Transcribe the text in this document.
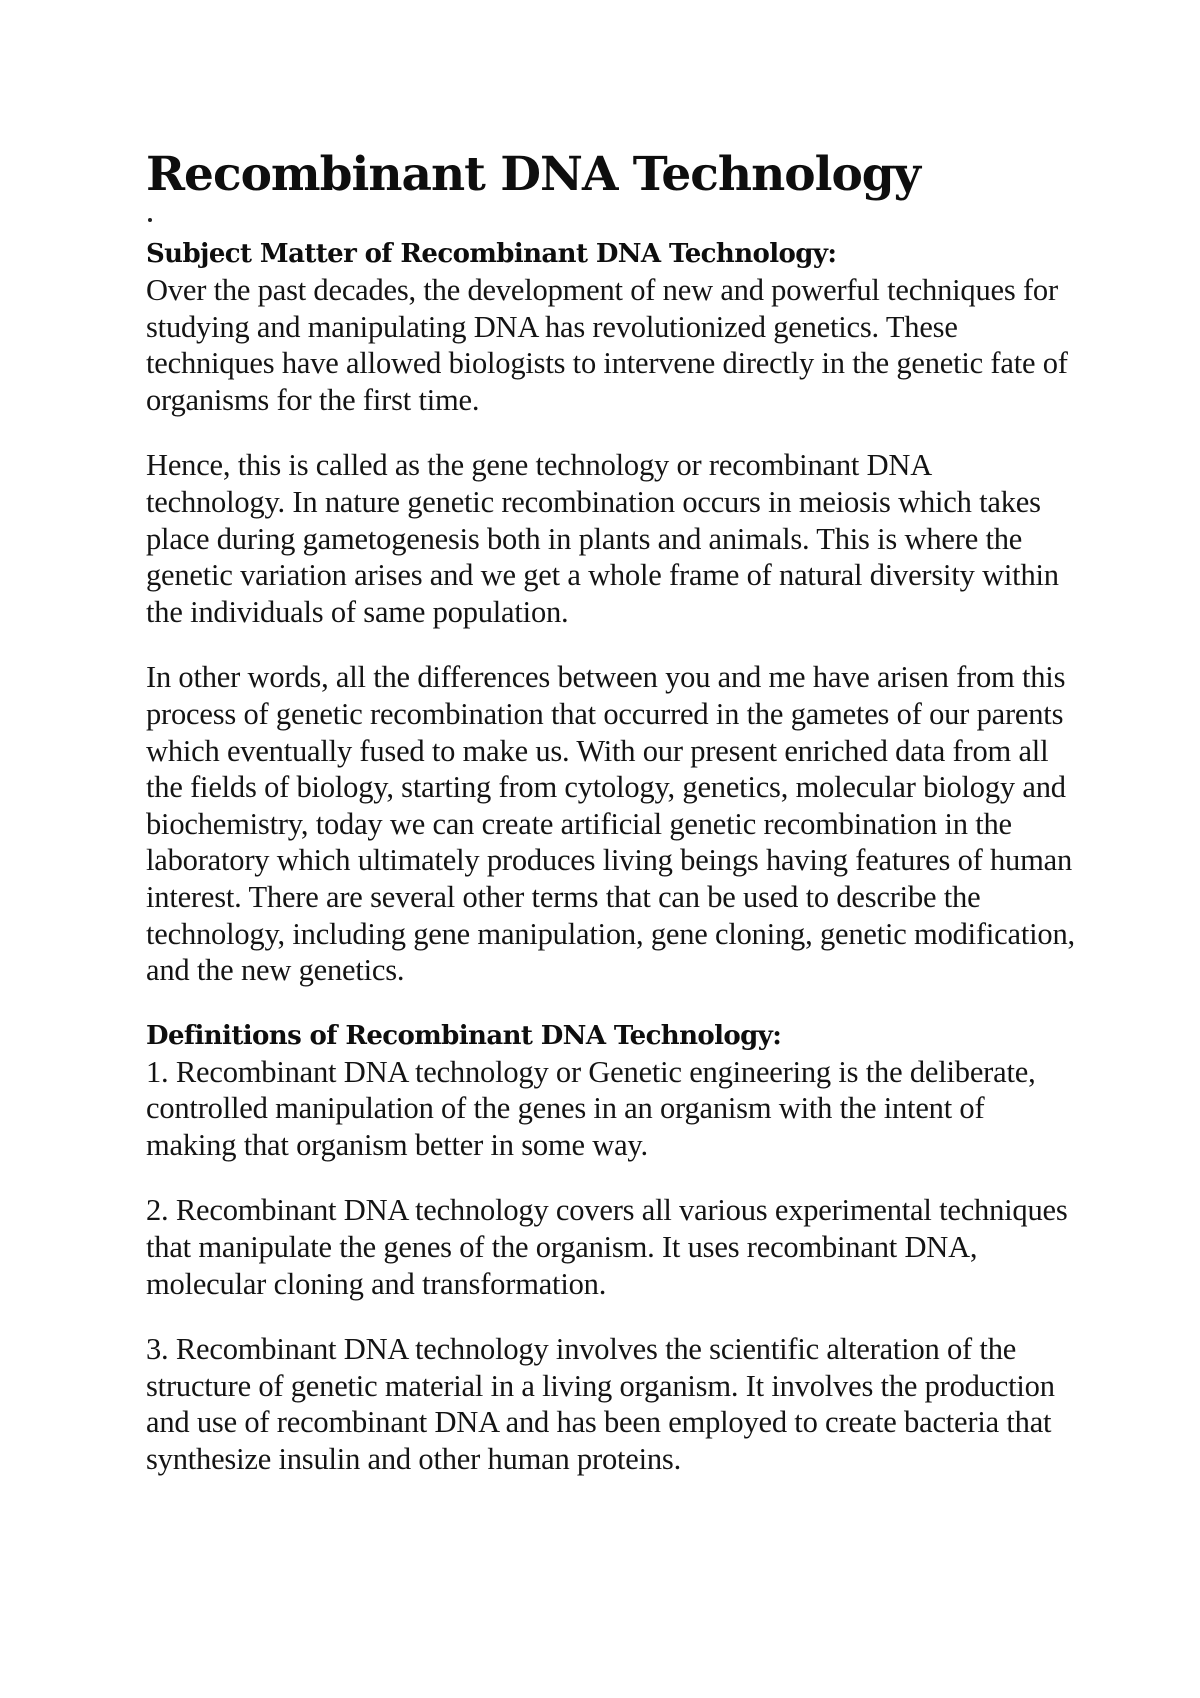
Recombinant DNA Technology
Subject Matter of Recombinant DNA Technology:

Over the past decades, the development of new and powerful techniques for studying and manipulating DNA has revolutionized genetics. These techniques have allowed biologists to intervene directly in the genetic fate of organisms for the first time.

Hence, this is called as the gene technology or recombinant DNA technology. In nature genetic recombination occurs in meiosis which takes place during gametogenesis both in plants and animals. This is where the genetic variation arises and we get a whole frame of natural diversity within the individuals of same population.

In other words, all the differences between you and me have arisen from this process of genetic recombination that occurred in the gametes of our parents which eventually fused to make us. With our present enriched data from all the fields of biology, starting from cytology, genetics, molecular biology and biochemistry, today we can create artificial genetic recombination in the laboratory which ultimately produces living beings having features of human interest. There are several other terms that can be used to describe the technology, including gene manipulation, gene cloning, genetic modification, and the new genetics.

Definitions of Recombinant DNA Technology:

1. Recombinant DNA technology or Genetic engineering is the deliberate, controlled manipulation of the genes in an organism with the intent of making that organism better in some way.

2. Recombinant DNA technology covers all various experimental techniques that manipulate the genes of the organism. It uses recombinant DNA, molecular cloning and transformation.

3. Recombinant DNA technology involves the scientific alteration of the structure of genetic material in a living organism. It involves the production and use of recombinant DNA and has been employed to create bacteria that synthesize insulin and other human proteins.
